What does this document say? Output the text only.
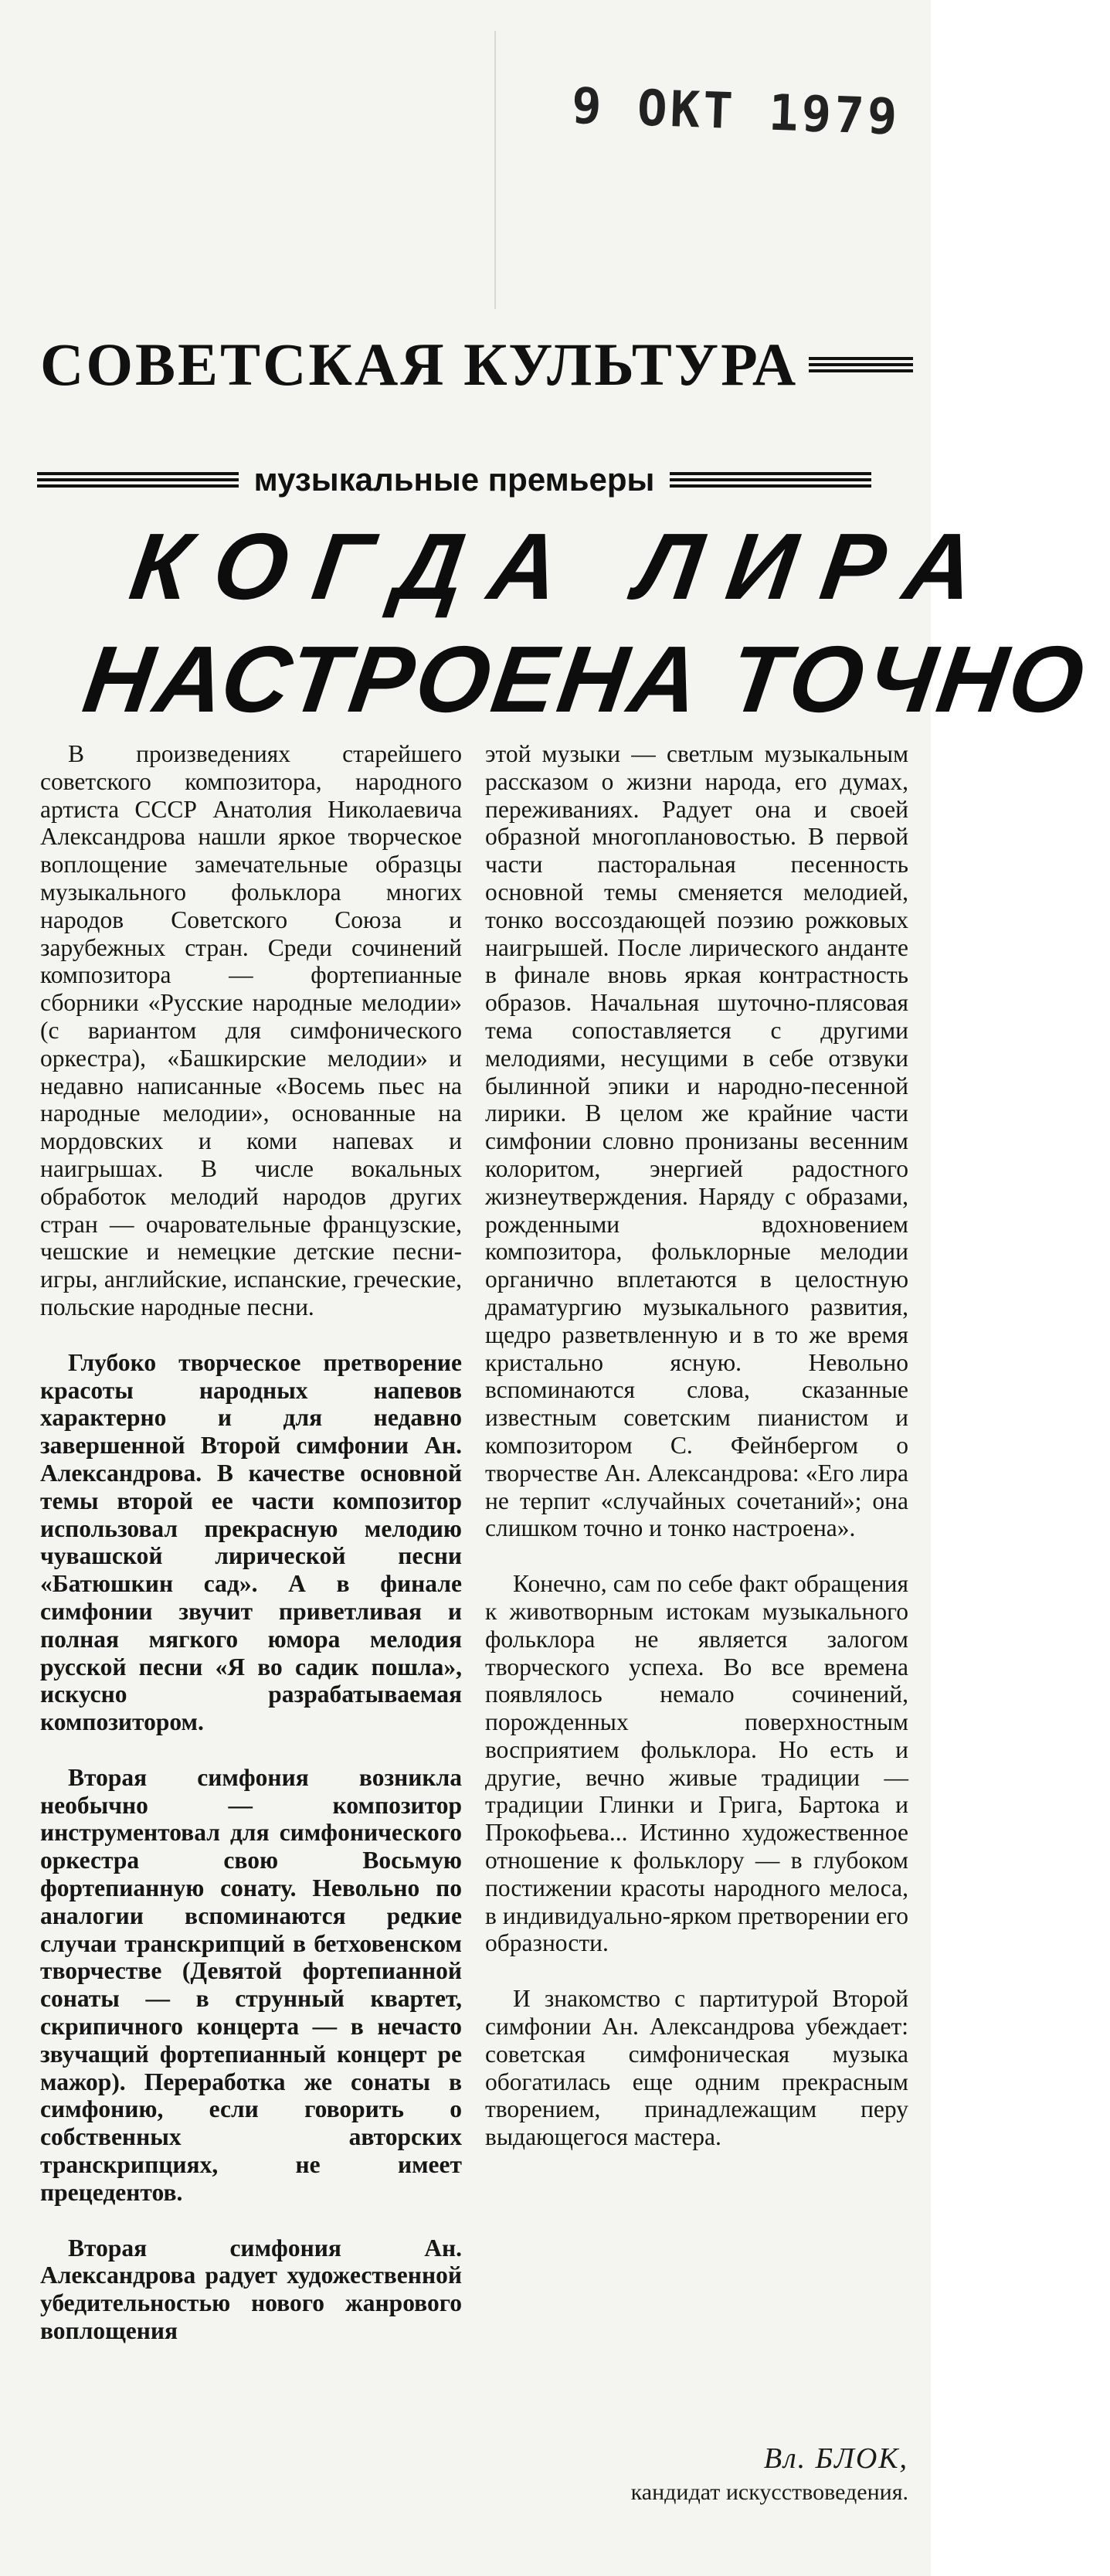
9 ОКТ 1979
СОВЕТСКАЯ КУЛЬТУРА
музыкальные премьеры
КОГДА ЛИРА
НАСТРОЕНА ТОЧНО

В произведениях старейшего советского композитора, народного артиста СССР Анатолия Николаевича Александрова нашли яркое творческое воплощение замечательные образцы музыкального фольклора многих народов Советского Союза и зарубежных стран. Среди сочинений композитора — фортепианные сборники «Русские народные мелодии» (с вариантом для симфонического оркестра), «Башкирские мелодии» и недавно написанные «Восемь пьес на народные мелодии», основанные на мордовских и коми напевах и наигрышах. В числе вокальных обработок мелодий народов других стран — очаровательные французские, чешские и немецкие детские песни-игры, английские, испанские, греческие, польские народные песни.

Глубоко творческое претворение красоты народных напевов характерно и для недавно завершенной Второй симфонии Ан. Александрова. В качестве основной темы второй ее части композитор использовал прекрасную мелодию чувашской лирической песни «Батюшкин сад». А в финале симфонии звучит приветливая и полная мягкого юмора мелодия русской песни «Я во садик пошла», искусно разрабатываемая композитором.

Вторая симфония возникла необычно — композитор инструментовал для симфонического оркестра свою Восьмую фортепианную сонату. Невольно по аналогии вспоминаются редкие случаи транскрипций в бетховенском творчестве (Девятой фортепианной сонаты — в струнный квартет, скрипичного концерта — в нечасто звучащий фортепианный концерт ре мажор). Переработка же сонаты в симфонию, если говорить о собственных авторских транскрипциях, не имеет прецедентов.

Вторая симфония Ан. Александрова радует художественной убедительностью нового жанрового воплощения

этой музыки — светлым музыкальным рассказом о жизни народа, его думах, переживаниях. Радует она и своей образной многоплановостью. В первой части пасторальная песенность основной темы сменяется мелодией, тонко воссоздающей поэзию рожковых наигрышей. После лирического анданте в финале вновь яркая контрастность образов. Начальная шуточно-плясовая тема сопоставляется с другими мелодиями, несущими в себе отзвуки былинной эпики и народно-песенной лирики. В целом же крайние части симфонии словно пронизаны весенним колоритом, энергией радостного жизнеутверждения. Наряду с образами, рожденными вдохновением композитора, фольклорные мелодии органично вплетаются в целостную драматургию музыкального развития, щедро разветвленную и в то же время кристально ясную. Невольно вспоминаются слова, сказанные известным советским пианистом и композитором С. Фейнбергом о творчестве Ан. Александрова: «Его лира не терпит «случайных сочетаний»; она слишком точно и тонко настроена».

Конечно, сам по себе факт обращения к животворным истокам музыкального фольклора не является залогом творческого успеха. Во все времена появлялось немало сочинений, порожденных поверхностным восприятием фольклора. Но есть и другие, вечно живые традиции — традиции Глинки и Грига, Бартока и Прокофьева... Истинно художественное отношение к фольклору — в глубоком постижении красоты народного мелоса, в индивидуально-ярком претворении его образности.

И знакомство с партитурой Второй симфонии Ан. Александрова убеждает: советская симфоническая музыка обогатилась еще одним прекрасным творением, принадлежащим перу выдающегося мастера.

Вл. БЛОК,
кандидат искусствоведения.
